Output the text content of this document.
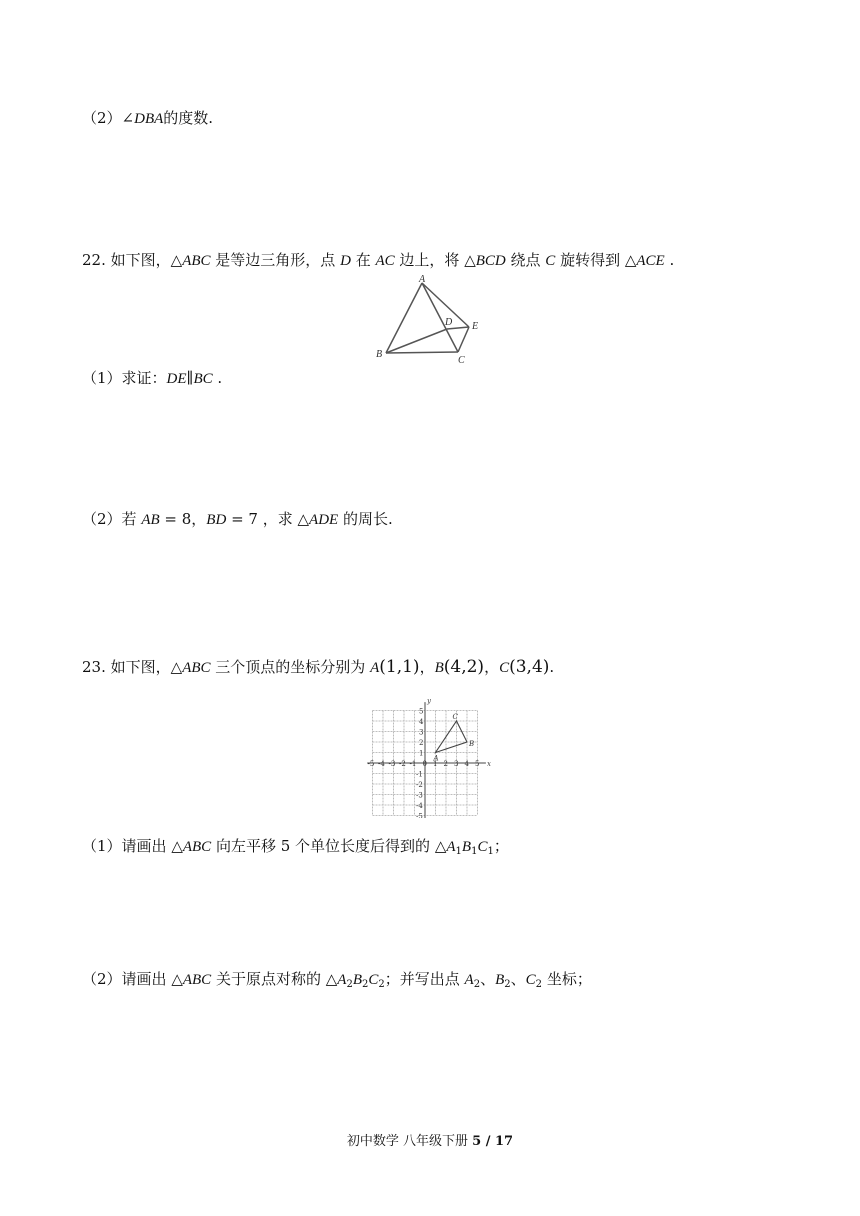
（2）∠DBA的度数.
22. 如下图，△ABC 是等边三角形，点 D 在 AC 边上，将 △BCD 绕点 C 旋转得到 △ACE .
A
B
C
D E
（1）求证：DE∥BC .
（2）若 AB = 8，BD = 7 ，求 △ADE 的周长.
23. 如下图，△ABC 三个顶点的坐标分别为 A(1,1)，B(4,2)，C(3,4).
x
y
-5 -4 -3 -2 -1 0 1 2 3 4 5
5
4
3
2
1
-1
-2
-3
-4
-5
A
B
C
（1）请画出 △ABC 向左平移 5 个单位长度后得到的 $\triangle A_1B_1C_1$；
（2）请画出 △ABC 关于原点对称的 $\triangle A_2B_2C_2$；并写出点 $A_2$、$B_2$、$C_2$ 坐标；
初中数学 八年级下册 5 / 17
